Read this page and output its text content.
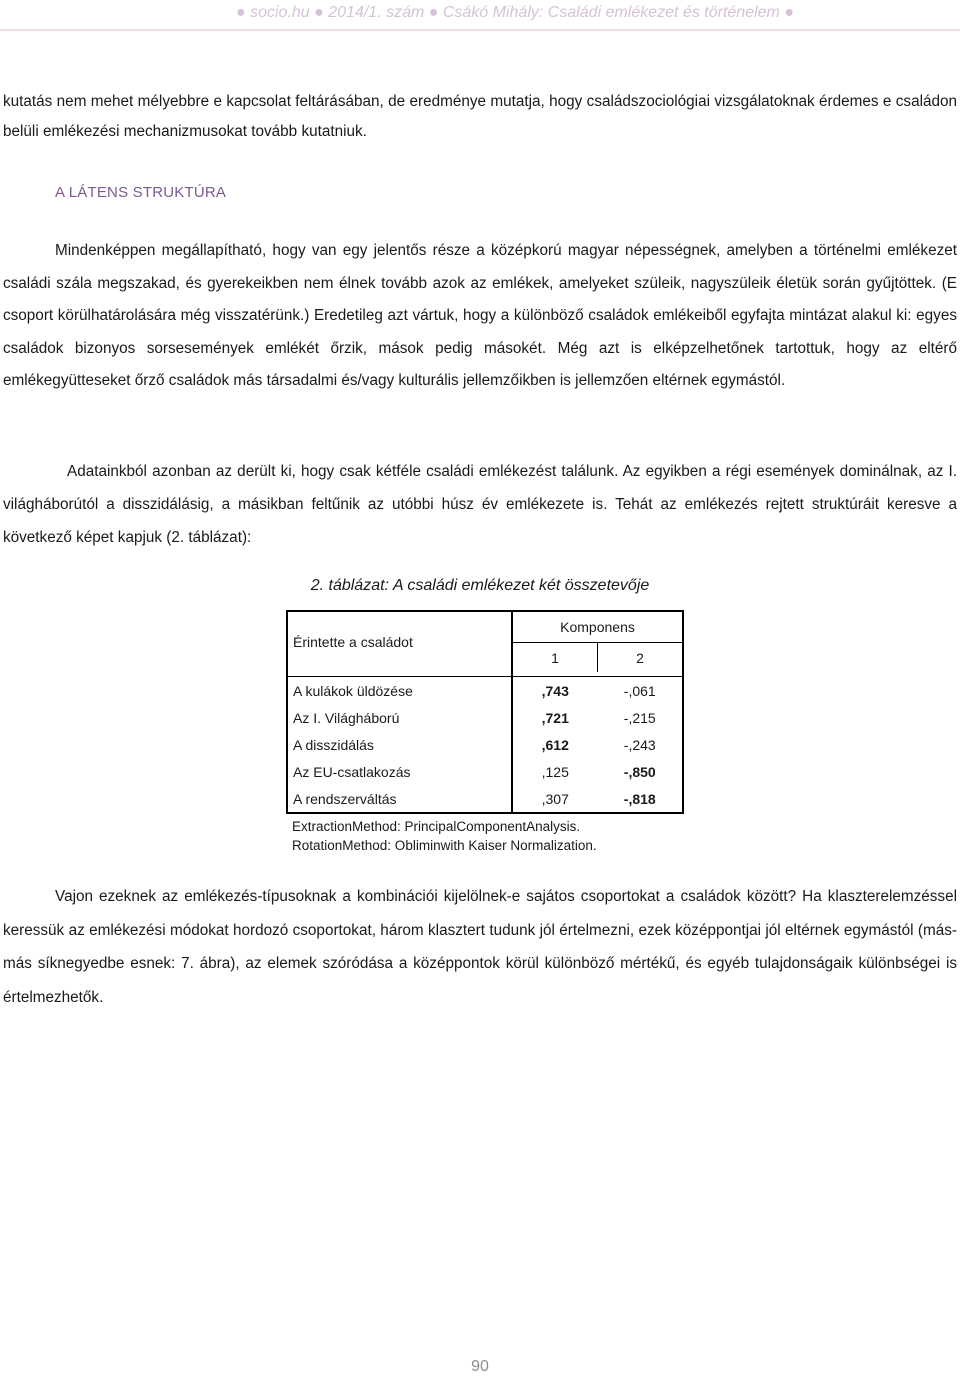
● socio.hu ● 2014/1. szám ● Csákó Mihály: Családi emlékezet és történelem ●

kutatás nem mehet mélyebbre e kapcsolat feltárásában, de eredménye mutatja, hogy családszociológiai vizsgálatoknak érdemes e családon belüli emlékezési mechanizmusokat tovább kutatniuk.

A LÁTENS STRUKTÚRA

Mindenképpen megállapítható, hogy van egy jelentős része a középkorú magyar népességnek, amelyben a történelmi emlékezet családi szála megszakad, és gyerekeikben nem élnek tovább azok az emlékek, amelyeket szüleik, nagyszüleik életük során gyűjtöttek. (E csoport körülhatárolására még visszatérünk.) Eredetileg azt vártuk, hogy a különböző családok emlékeiből egyfajta mintázat alakul ki: egyes családok bizonyos sorsesemények emlékét őrzik, mások pedig másokét. Még azt is elképzelhetőnek tartottuk, hogy az eltérő emlékegyütteseket őrző családok más társadalmi és/vagy kulturális jellemzőikben is jellemzően eltérnek egymástól.

Adatainkból azonban az derült ki, hogy csak kétféle családi emlékezést találunk. Az egyikben a régi események dominálnak, az I. világháborútól a disszidálásig, a másikban feltűnik az utóbbi húsz év emlékezete is. Tehát az emlékezés rejtett struktúráit keresve a következő képet kapjuk (2. táblázat):

2. táblázat: A családi emlékezet két összetevője

Érintette a családot	Komponens	
	1	2

A kulákok üldözése	,743	-,061
Az I. Világháború	,721	-,215
A disszidálás	,612	-,243
Az EU-csatlakozás	,125	-,850
A rendszerváltás	,307	-,818

ExtractionMethod: PrincipalComponentAnalysis.
RotationMethod: Obliminwith Kaiser Normalization.

Vajon ezeknek az emlékezés-típusoknak a kombinációi kijelölnek-e sajátos csoportokat a családok között? Ha klaszterelemzéssel keressük az emlékezési módokat hordozó csoportokat, három klasztert tudunk jól értelmezni, ezek középpontjai jól eltérnek egymástól (más-más síknegyedbe esnek: 7. ábra), az elemek szóródása a középpontok körül különböző mértékű, és egyéb tulajdonságaik különbségei is értelmezhetők.

90
